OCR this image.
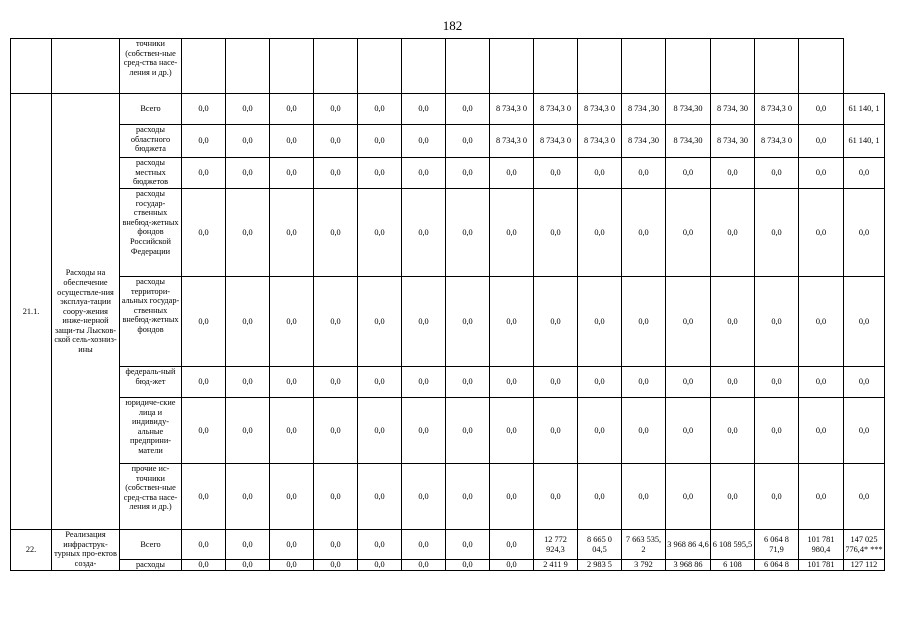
182
		точники (собствен-ные сред-ства насе-ления и др.)																
21.1.	Расходы на обеспечение осуществле-ния эксплуа-тации соору-жения инже-нерной защи-ты Лысков-ской сель-хознизины	Всего	0,0	0,0	0,0	0,0	0,0	0,0	0,0	8 734,3 0	8 734,3 0	8 734,3 0	8 734 ,30	8 734,30	8 734, 30	8 734,3 0	0,0	61 140, 1
		расходы областного бюджета	0,0	0,0	0,0	0,0	0,0	0,0	0,0	8 734,3 0	8 734,3 0	8 734,3 0	8 734 ,30	8 734,30	8 734, 30	8 734,3 0	0,0	61 140, 1
		расходы местных бюджетов	0,0	0,0	0,0	0,0	0,0	0,0	0,0	0,0	0,0	0,0	0,0	0,0	0,0	0,0	0,0	0,0
		расходы государ-ственных внебюд-жетных фондов Российской Федерации	0,0	0,0	0,0	0,0	0,0	0,0	0,0	0,0	0,0	0,0	0,0	0,0	0,0	0,0	0,0	0,0
		расходы территори-альных государ-ственных внебюд-жетных фондов	0,0	0,0	0,0	0,0	0,0	0,0	0,0	0,0	0,0	0,0	0,0	0,0	0,0	0,0	0,0	0,0
		федераль-ный бюд-жет	0,0	0,0	0,0	0,0	0,0	0,0	0,0	0,0	0,0	0,0	0,0	0,0	0,0	0,0	0,0	0,0
		юридиче-ские лица и индивиду-альные предприни-матели	0,0	0,0	0,0	0,0	0,0	0,0	0,0	0,0	0,0	0,0	0,0	0,0	0,0	0,0	0,0	0,0
		прочие ис-точники (собствен-ные сред-ства насе-ления и др.)	0,0	0,0	0,0	0,0	0,0	0,0	0,0	0,0	0,0	0,0	0,0	0,0	0,0	0,0	0,0	0,0
22.	Реализация инфраструк-турных про-ектов созда-	Всего	0,0	0,0	0,0	0,0	0,0	0,0	0,0	0,0	12 772 924,3	8 665 0 04,5	7 663 535, 2	3 968 86 4,6	6 108 595,5	6 064 8 71,9	101 781 980,4	147 025 776,4* ***
		расходы	0,0	0,0	0,0	0,0	0,0	0,0	0,0	0,0	2 411 9	2 983 5	3 792	3 968 86	6 108	6 064 8	101 781	127 112
